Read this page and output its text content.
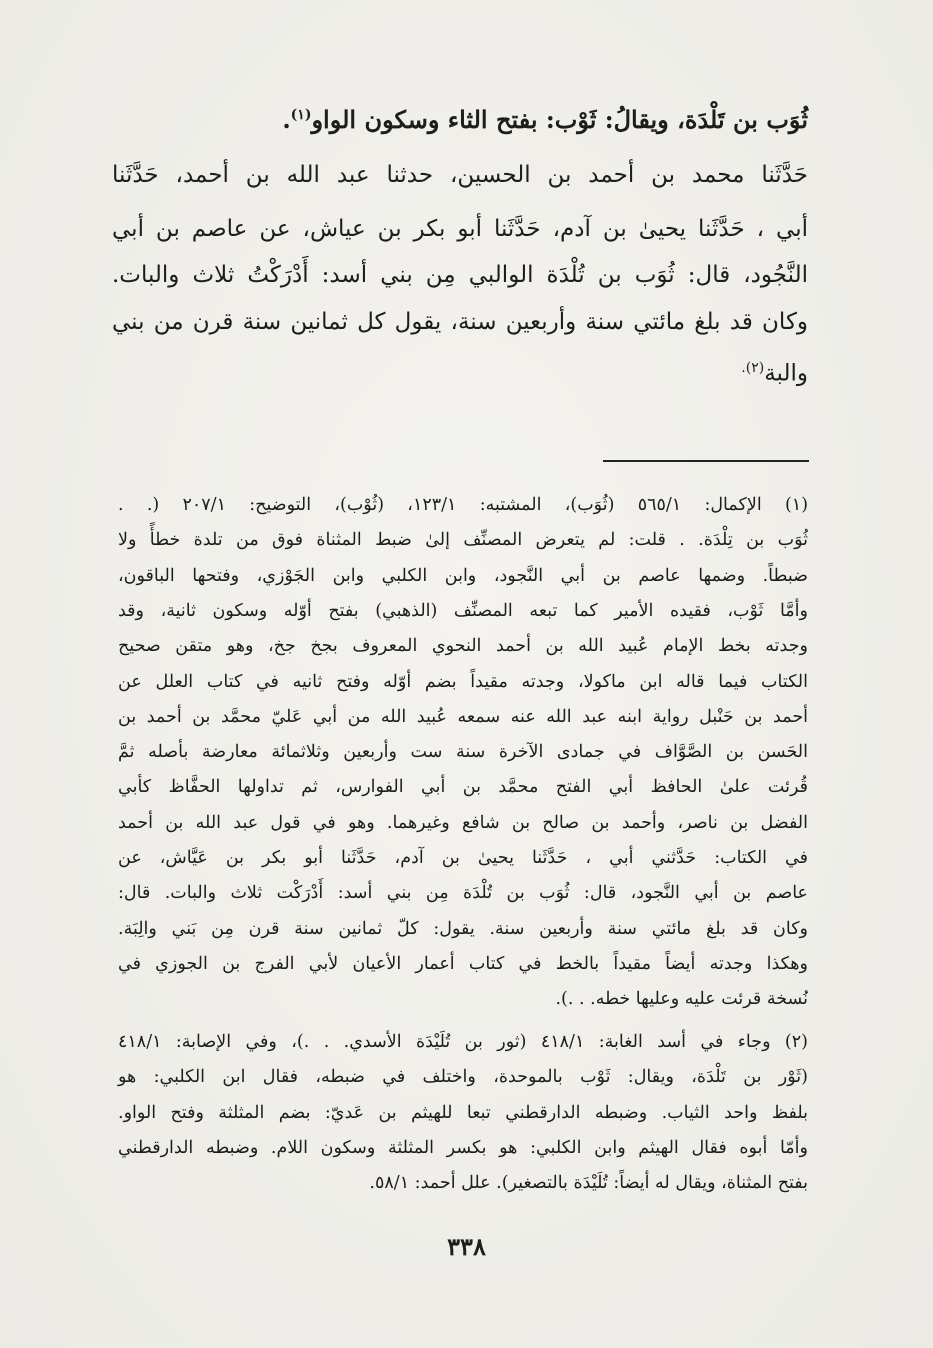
ثُوَب بن تَلْدَة، ويقالُ: ثَوْب: بفتح الثاء وسكون الواو$^{(١)}$.
حَدَّثَنا محمد بن أحمد بن الحسين، حدثنا عبد الله بن أحمد، حَدَّثَنا
أبي ، حَدَّثَنا يحيىٰ بن آدم، حَدَّثَنا أبو بكر بن عياش، عن عاصم بن أبي
النَّجُود، قال: ثُوَب بن تُلْدَة الوالبي مِن بني أسد: أَدْرَكْتُ ثلاث والبات.
وكان قد بلغ مائتي سنة وأربعين سنة، يقول كل ثمانين سنة قرن من بني
والبة$^{(٢).}$
(١) الإكمال: ٥٦٥/١ (ثُوَب)، المشتبه: ١٢٣/١، (ثُوْب)، التوضيح: ٢٠٧/١ (. .
ثُوَب بن تِلْدَة. . قلت: لم يتعرض المصنِّف إلىٰ ضبط المثناة فوق من تلدة خطأً ولا
ضبطاً. وضمها عاصم بن أبي النَّجود، وابن الكلبي وابن الجَوْزي، وفتحها الباقون،
وأمَّا ثَوْب، فقيده الأمير كما تبعه المصنِّف (الذهبي) بفتح أوّله وسكون ثانية، وقد
وجدته بخط الإمام عُبيد الله بن أحمد النحوي المعروف بجخ جخ، وهو متقن صحيح
الكتاب فيما قاله ابن ماكولا، وجدته مقيداً بضم أوّله وفتح ثانيه في كتاب العلل عن
أحمد بن حَنْبل رواية ابنه عبد الله عنه سمعه عُبيد الله من أبي عَليّ محمَّد بن أحمد بن
الحَسن بن الصَّوَّاف في جمادى الآخرة سنة ست وأربعين وثلاثمائة معارضة بأصله ثمَّ
قُرئت علىٰ الحافظ أبي الفتح محمَّد بن أبي الفوارس، ثم تداولها الحفَّاظ كأبي
الفضل بن ناصر، وأحمد بن صالح بن شافع وغيرهما. وهو في قول عبد الله بن أحمد
في الكتاب: حَدَّثني أبي ، حَدَّثَنا يحيىٰ بن آدم، حَدَّثَنا أبو بكر بن عَيَّاش، عن
عاصم بن أبي النَّجود، قال: ثُوَب بن تُلْدَة مِن بني أسد: أَدْرَكْت ثلاث والبات. قال:
وكان قد بلغ مائتي سنة وأربعين سنة. يقول: كلّ ثمانين سنة قرن مِن بَني والِبَة.
وهكذا وجدته أيضاً مقيداً بالخط في كتاب أعمار الأعيان لأبي الفرج بن الجوزي في
نُسخة قرئت عليه وعليها خطه. . .).
(٢) وجاء في أسد الغابة: ٤١٨/١ (ثور بن تُلَيْدَة الأسدي. . .)، وفي الإصابة: ٤١٨/١
(ثَوْر بن تَلْدَة، ويقال: ثَوْب بالموحدة، واختلف في ضبطه، فقال ابن الكلبي: هو
بلفظ واحد الثياب. وضبطه الدارقطني تبعا للهيثم بن عَديّ: بضم المثلثة وفتح الواو.
وأمّا أبوه فقال الهيثم وابن الكلبي: هو بكسر المثلثة وسكون اللام. وضبطه الدارقطني
بفتح المثناة، ويقال له أيضاً: تُلَيْدَة بالتصغير). علل أحمد: ٥٨/١.
٣٣٨
